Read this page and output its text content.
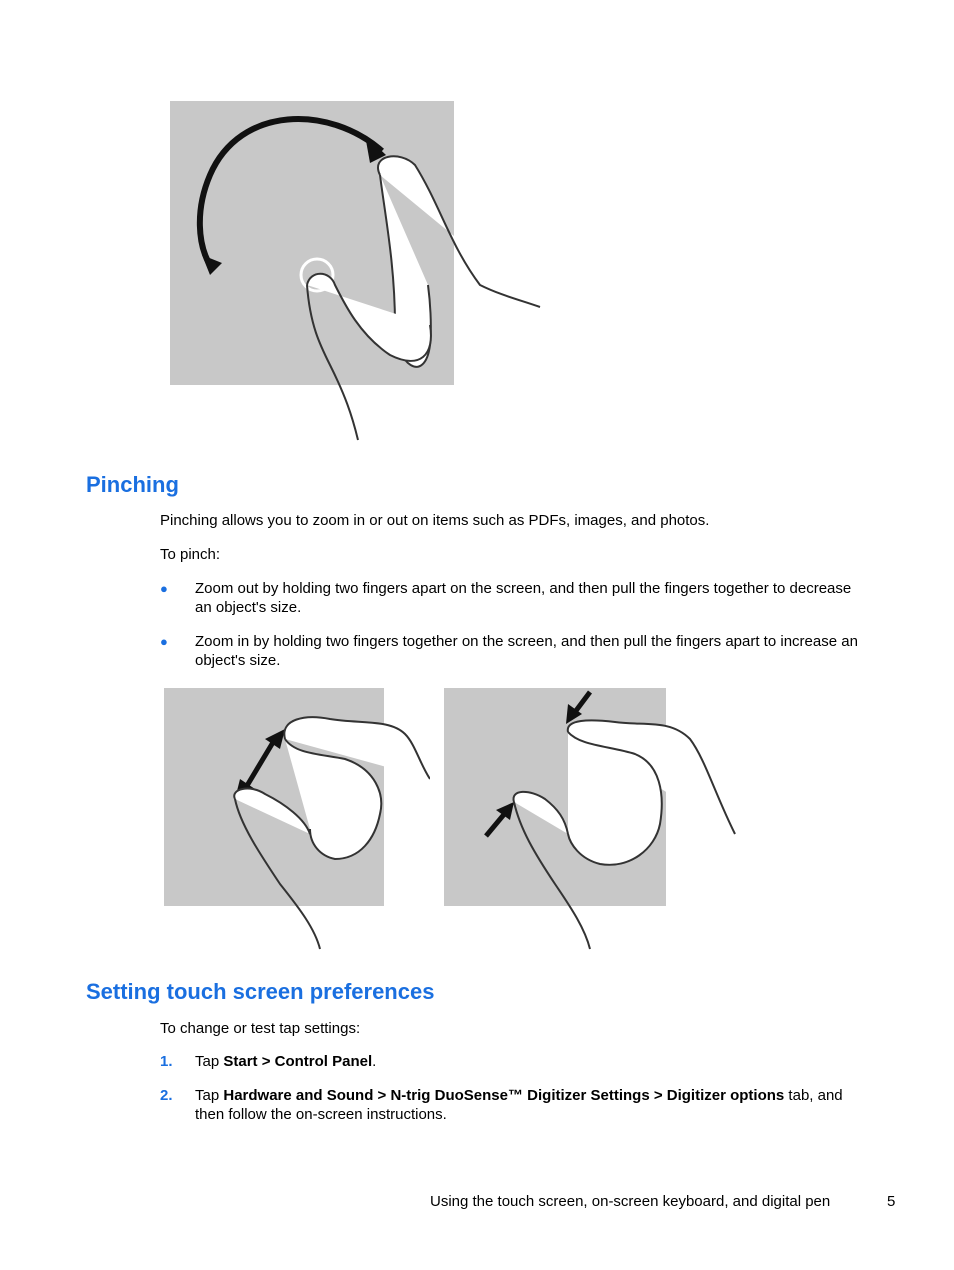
Pinching

Pinching allows you to zoom in or out on items such as PDFs, images, and photos.

To pinch:

● Zoom out by holding two fingers apart on the screen, and then pull the fingers together to decrease an object's size.
● Zoom in by holding two fingers together on the screen, and then pull the fingers apart to increase an object's size.
Setting touch screen preferences

To change or test tap settings:

1. Tap Start > Control Panel.
2. Tap Hardware and Sound > N-trig DuoSense™ Digitizer Settings > Digitizer options tab, and then follow the on-screen instructions.
Using the touch screen, on-screen keyboard, and digital pen	5
